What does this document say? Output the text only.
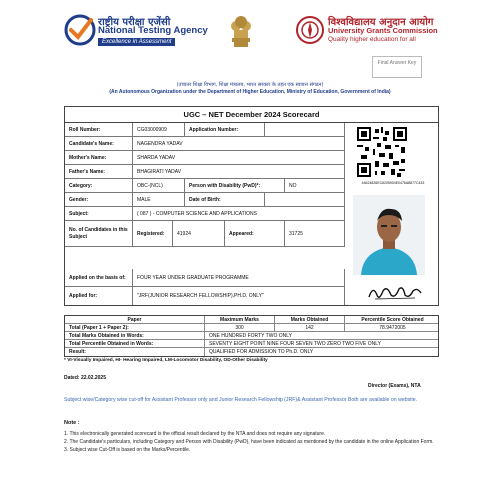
राष्ट्रीय परीक्षा एजेंसी
National Testing Agency
Excellence in Assessment
विश्वविद्यालय अनुदान आयोग
University Grants Commission
Quality higher education for all
Final Answer Key
(उच्चतर शिक्षा विभाग, शिक्षा मंत्रालय, भारत सरकार के तहत एक स्वायत्त संगठन)
(An Autonomous Organization under the Department of Higher Education, Ministry of Education, Government of India)
UGC – NET December 2024 Scorecard
Roll Number:	CG03000909	Application Number:
Candidate's Name:	NAGENDRA YADAV
Mother's Name:	SHARDA YADAV
Father's Name:	BHAGIRATI YADAV
Category:	OBC-(NCL)	Person with Disability (PwD)*:	NO
Gender:	MALE	Date of Birth:
Subject:	( 087 ) - COMPUTER SCIENCE AND APPLICATIONS
No. of Candidates in this Subject	Registered:	41924	Appeared:	31725
Applied on the basis of:	FOUR YEAR UNDER GRADUATE PROGRAMME
Applied for:	"JRF(JUNIOR RESEARCH FELLOWSHIP),PH.D. ONLY"
44624826EC6205904E0476A8877C433
Paper	Maximum Marks	Marks Obtained	Percentile Score Obtained
Total (Paper 1 + Paper 2):	300	142	78.9472005
Total Marks Obtained in Words:	ONE HUNDRED FORTY TWO ONLY
Total Percentile Obtained in Words:	SEVENTY EIGHT POINT NINE FOUR SEVEN TWO ZERO TWO FIVE ONLY
Result:	QUALIFIED FOR ADMISSION TO Ph.D. ONLY
* VI-Visually Impaired, HI- Hearing Impaired, LM-Locomotor Disability, OD-Other Disability
Dated: 22.02.2025
Director (Exams), NTA
Subject wise/Category wise cut-off for Assistant Professor only and Junior Research Fellowship (JRF)& Assistant Professor Both are available on website.
Note :
1. This electronically generated scorecard is the official result declared by the NTA and does not require any signature.
2. The Candidate's particulars, including Category and Person with Disability (PwD), have been indicated as mentioned by the candidate in the online Application Form.
3. Subject wise Cut-Off is based on the Marks/Percentile.
